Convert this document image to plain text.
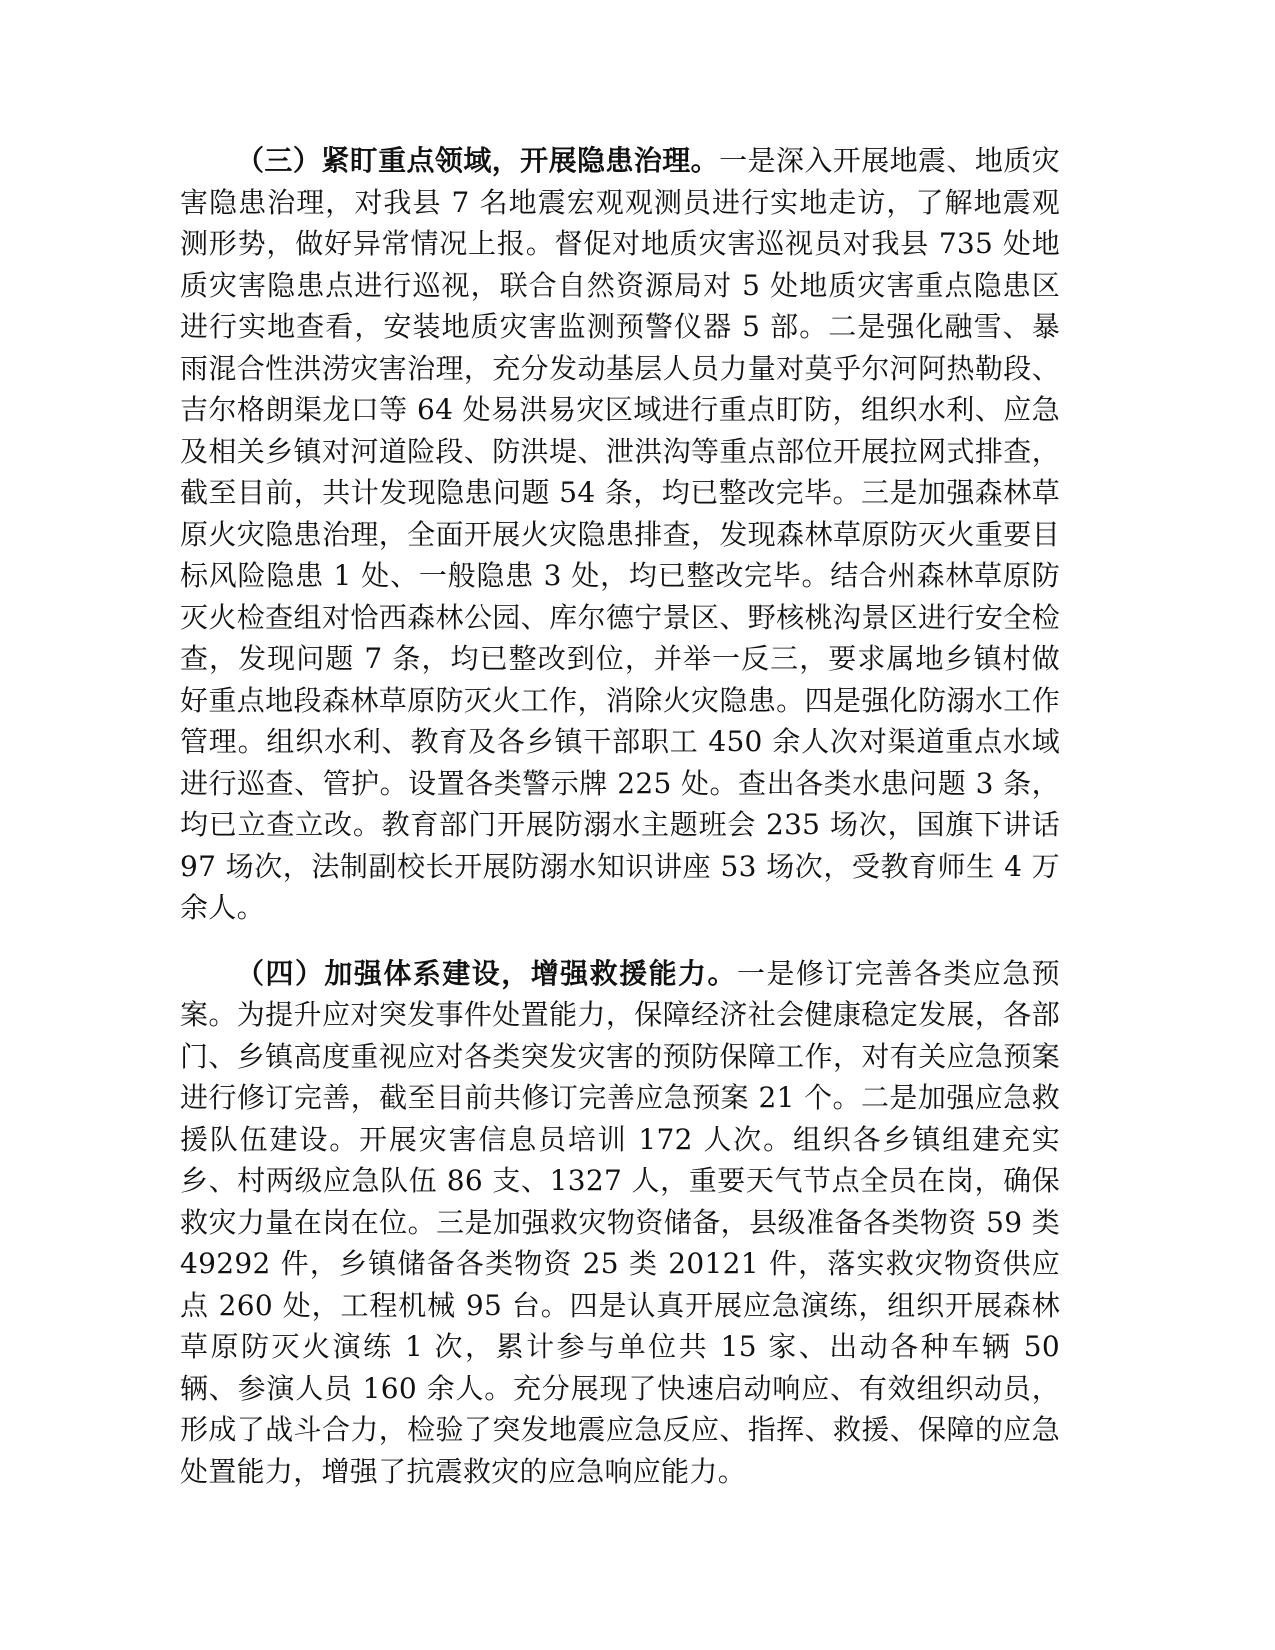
（三）紧盯重点领域，开展隐患治理。一是深入开展地震、地质灾害隐患治理，对我县 7 名地震宏观观测员进行实地走访，了解地震观测形势，做好异常情况上报。督促对地质灾害巡视员对我县 735 处地质灾害隐患点进行巡视，联合自然资源局对 5 处地质灾害重点隐患区进行实地查看，安装地质灾害监测预警仪器 5 部。二是强化融雪、暴雨混合性洪涝灾害治理，充分发动基层人员力量对莫乎尔河阿热勒段、吉尔格朗渠龙口等 64 处易洪易灾区域进行重点盯防，组织水利、应急及相关乡镇对河道险段、防洪堤、泄洪沟等重点部位开展拉网式排查，截至目前，共计发现隐患问题 54 条，均已整改完毕。三是加强森林草原火灾隐患治理，全面开展火灾隐患排查，发现森林草原防灭火重要目标风险隐患 1 处、一般隐患 3 处，均已整改完毕。结合州森林草原防灭火检查组对恰西森林公园、库尔德宁景区、野核桃沟景区进行安全检查，发现问题 7 条，均已整改到位，并举一反三，要求属地乡镇村做好重点地段森林草原防灭火工作，消除火灾隐患。四是强化防溺水工作管理。组织水利、教育及各乡镇干部职工 450 余人次对渠道重点水域进行巡查、管护。设置各类警示牌 225 处。查出各类水患问题 3 条，均已立查立改。教育部门开展防溺水主题班会 235 场次，国旗下讲话 97 场次，法制副校长开展防溺水知识讲座 53 场次，受教育师生 4 万余人。

（四）加强体系建设，增强救援能力。一是修订完善各类应急预案。为提升应对突发事件处置能力，保障经济社会健康稳定发展，各部门、乡镇高度重视应对各类突发灾害的预防保障工作，对有关应急预案进行修订完善，截至目前共修订完善应急预案 21 个。二是加强应急救援队伍建设。开展灾害信息员培训 172 人次。组织各乡镇组建充实乡、村两级应急队伍 86 支、1327 人，重要天气节点全员在岗，确保救灾力量在岗在位。三是加强救灾物资储备，县级准备各类物资 59 类 49292 件，乡镇储备各类物资 25 类 20121 件，落实救灾物资供应点 260 处，工程机械 95 台。四是认真开展应急演练，组织开展森林草原防灭火演练 1 次，累计参与单位共 15 家、出动各种车辆 50 辆、参演人员 160 余人。充分展现了快速启动响应、有效组织动员，形成了战斗合力，检验了突发地震应急反应、指挥、救援、保障的应急处置能力，增强了抗震救灾的应急响应能力。
